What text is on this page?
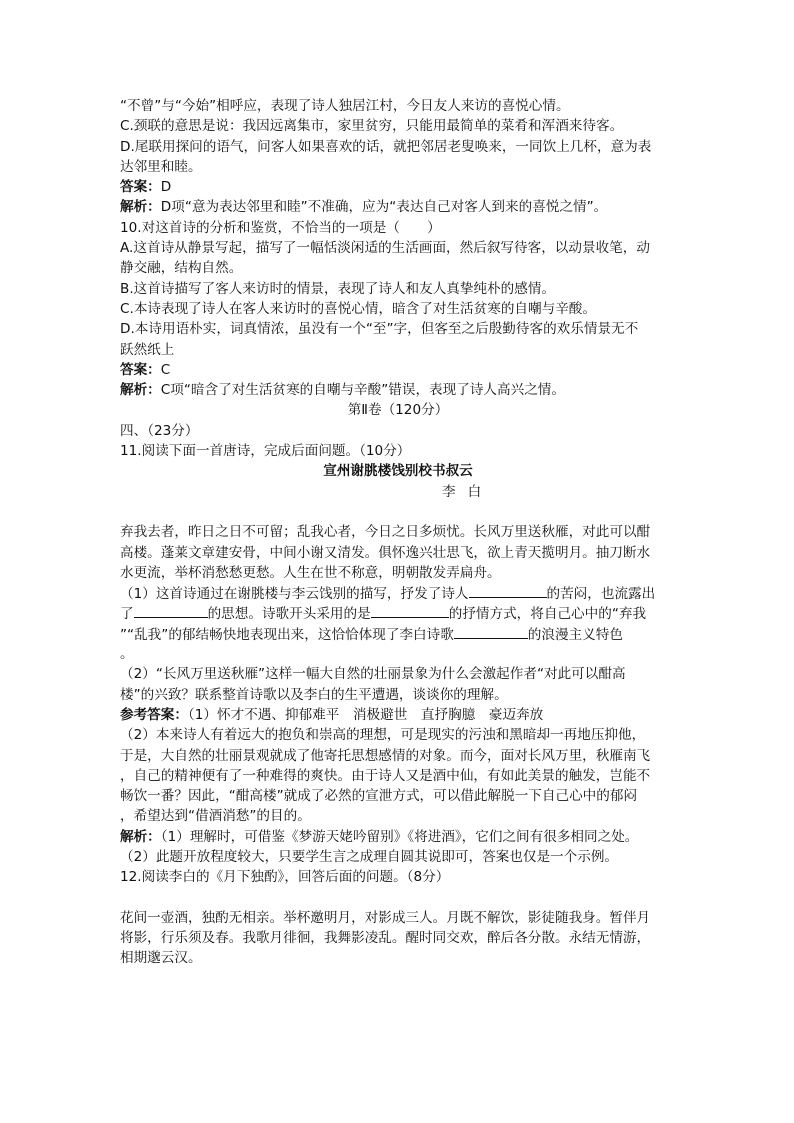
“不曾”与“今始”相呼应，表现了诗人独居江村，今日友人来访的喜悦心情。
C.颈联的意思是说：我因远离集市，家里贫穷，只能用最简单的菜肴和浑酒来待客。
D.尾联用探问的语气，问客人如果喜欢的话，就把邻居老叟唤来，一同饮上几杯，意为表
达邻里和睦。
答案：D
解析：D项“意为表达邻里和睦”不准确，应为“表达自己对客人到来的喜悦之情”。
10.对这首诗的分析和鉴赏，不恰当的一项是（　　）
A.这首诗从静景写起，描写了一幅恬淡闲适的生活画面，然后叙写待客，以动景收笔，动
静交融，结构自然。
B.这首诗描写了客人来访时的情景，表现了诗人和友人真挚纯朴的感情。
C.本诗表现了诗人在客人来访时的喜悦心情，暗含了对生活贫寒的自嘲与辛酸。
D.本诗用语朴实，词真情浓，虽没有一个“至”字，但客至之后殷勤待客的欢乐情景无不
跃然纸上
答案：C
解析：C项“暗含了对生活贫寒的自嘲与辛酸”错误，表现了诗人高兴之情。
第Ⅱ卷（120分）
四、（23分）
11.阅读下面一首唐诗，完成后面问题。（10分）
宣州谢朓楼饯别校书叔云
李白
弃我去者，昨日之日不可留；乱我心者，今日之日多烦忧。长风万里送秋雁，对此可以酣
高楼。蓬莱文章建安骨，中间小谢又清发。俱怀逸兴壮思飞，欲上青天揽明月。抽刀断水
水更流，举杯消愁愁更愁。人生在世不称意，明朝散发弄扁舟。
（1）这首诗通过在谢朓楼与李云饯别的描写，抒发了诗人	的苦闷，也流露出
了	的思想。诗歌开头采用的是	的抒情方式，将自己心中的“弃我
”“乱我”的郁结畅快地表现出来，这恰恰体现了李白诗歌	的浪漫主义特色
。
（2）“长风万里送秋雁”这样一幅大自然的壮丽景象为什么会激起作者“对此可以酣高
楼”的兴致？联系整首诗歌以及李白的生平遭遇，谈谈你的理解。
参考答案：（1）怀才不遇、抑郁难平　消极避世　直抒胸臆　豪迈奔放
（2）本来诗人有着远大的抱负和崇高的理想，可是现实的污浊和黑暗却一再地压抑他，
于是，大自然的壮丽景观就成了他寄托思想感情的对象。而今，面对长风万里，秋雁南飞
，自己的精神便有了一种难得的爽快。由于诗人又是酒中仙，有如此美景的触发，岂能不
畅饮一番？因此，“酣高楼”就成了必然的宣泄方式，可以借此解脱一下自己心中的郁闷
，希望达到“借酒消愁”的目的。
解析：（1）理解时，可借鉴《梦游天姥吟留别》《将进酒》，它们之间有很多相同之处。
（2）此题开放程度较大，只要学生言之成理自圆其说即可，答案也仅是一个示例。
12.阅读李白的《月下独酌》，回答后面的问题。（8分）
花间一壶酒，独酌无相亲。举杯邀明月，对影成三人。月既不解饮，影徒随我身。暂伴月
将影，行乐须及春。我歌月徘徊，我舞影凌乱。醒时同交欢，醉后各分散。永结无情游，
相期邈云汉。
